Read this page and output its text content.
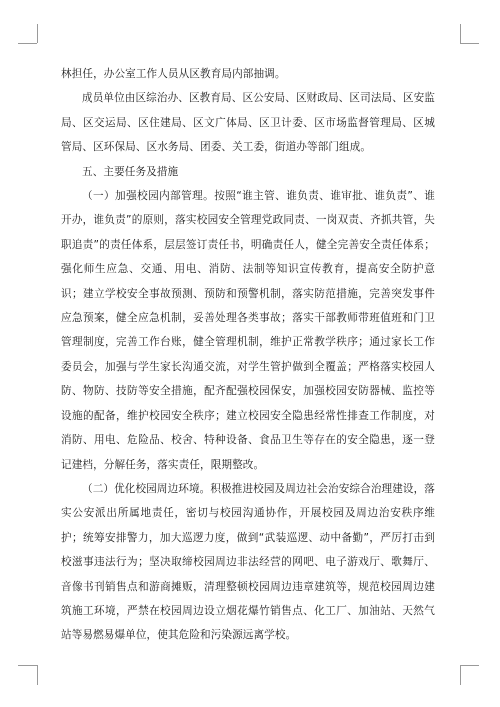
林担任，办公室工作人员从区教育局内部抽调。

成员单位由区综治办、区教育局、区公安局、区财政局、区司法局、区安监局、区交运局、区住建局、区文广体局、区卫计委、区市场监督管理局、区城管局、区环保局、区水务局、团委、关工委，街道办等部门组成。

五、主要任务及措施

（一）加强校园内部管理。按照“谁主管、谁负责、谁审批、谁负责”、谁开办，谁负责”的原则，落实校园安全管理党政同责、一岗双责、齐抓共管，失职追责”的责任体系，层层签订责任书，明确责任人，健全完善安全责任体系；强化师生应急、交通、用电、消防、法制等知识宣传教育，提高安全防护意识；建立学校安全事故预测、预防和预警机制，落实防范措施，完善突发事件应急预案，健全应急机制，妥善处理各类事故；落实干部教师带班值班和门卫管理制度，完善工作台账，健全管理机制，维护正常教学秩序；通过家长工作委员会，加强与学生家长沟通交流，对学生管护做到全覆盖；严格落实校园人防、物防、技防等安全措施，配齐配强校园保安，加强校园安防器械、监控等设施的配备，维护校园安全秩序；建立校园安全隐患经常性排查工作制度，对消防、用电、危险品、校舍、特种设备、食品卫生等存在的安全隐患，逐一登记建档，分解任务，落实责任，限期整改。

（二）优化校园周边环境。积极推进校园及周边社会治安综合治理建设，落实公安派出所属地责任，密切与校园沟通协作，开展校园及周边治安秩序维护；统筹安排警力，加大巡逻力度，做到“武装巡逻、动中备勤”，严厉打击到校滋事违法行为；坚决取缔校园周边非法经营的网吧、电子游戏厅、歌舞厅、音像书刊销售点和游商摊贩，清理整顿校园周边违章建筑等，规范校园周边建筑施工环境，严禁在校园周边设立烟花爆竹销售点、化工厂、加油站、天然气站等易燃易爆单位，使其危险和污染源远离学校。
